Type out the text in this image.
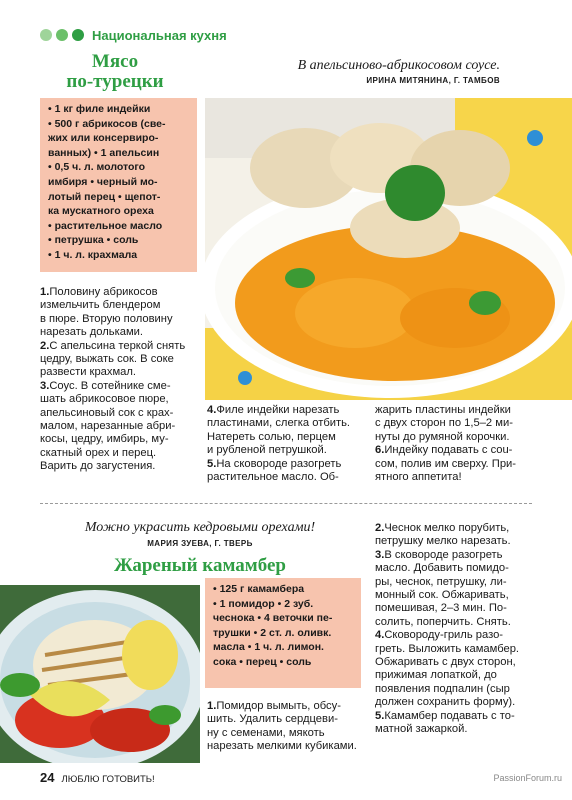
Национальная кухня
Мясо
по-турецки
В апельсиново-абрикосовом соусе.
ИРИНА МИТЯНИНА, Г. ТАМБОВ
• 1 кг филе индейки
• 500 г абрикосов (све-
жих или консервиро-
ванных) • 1 апельсин
• 0,5 ч. л. молотого
имбиря • черный мо-
лотый перец • щепот-
ка мускатного ореха
• растительное масло
• петрушка • соль
• 1 ч. л. крахмала
1.Половину абрикосов
измельчить блендером
в пюре. Вторую половину
нарезать дольками.
2.С апельсина теркой снять
цедру, выжать сок. В соке
развести крахмал.
3.Соус. В сотейнике сме-
шать абрикосовое пюре,
апельсиновый сок с крах-
малом, нарезанные абри-
косы, цедру, имбирь, му-
скатный орех и перец.
Варить до загустения.
4.Филе индейки нарезать
пластинами, слегка отбить.
Натереть солью, перцем
и рубленой петрушкой.
5.На сковороде разогреть
растительное масло. Об-
жарить пластины индейки
с двух сторон по 1,5–2 ми-
нуты до румяной корочки.
6.Индейку подавать с сou-
сом, полив им сверху. При-
ятного аппетита!
Можно украсить кедровыми орехами!
МАРИЯ ЗУЕВА, Г. ТВЕРЬ
Жареный камамбер
• 125 г камамбера
• 1 помидор • 2 зуб.
чеснока • 4 веточки пе-
трушки • 2 ст. л. оливк.
масла • 1 ч. л. лимон.
сока • перец • соль
1.Помидор вымыть, обсу-
шить. Удалить сердцеви-
ну с семенами, мякоть
нарезать мелкими кубиками.
2.Чеснок мелко порубить,
петрушку мелко нарезать.
3.В сковороде разогреть
масло. Добавить помидо-
ры, чеснок, петрушку, ли-
монный сок. Обжаривать,
помешивая, 2–3 мин. По-
солить, поперчить. Снять.
4.Сковороду-гриль разо-
греть. Выложить камамбер.
Обжаривать с двух сторон,
прижимая лопаткой, до
появления подпалин (сыр
должен сохранить форму).
5.Камамбер подавать с то-
матной зажаркой.
24 ЛЮБЛЮ ГОТОВИТЬ!	PassionForum.ru
